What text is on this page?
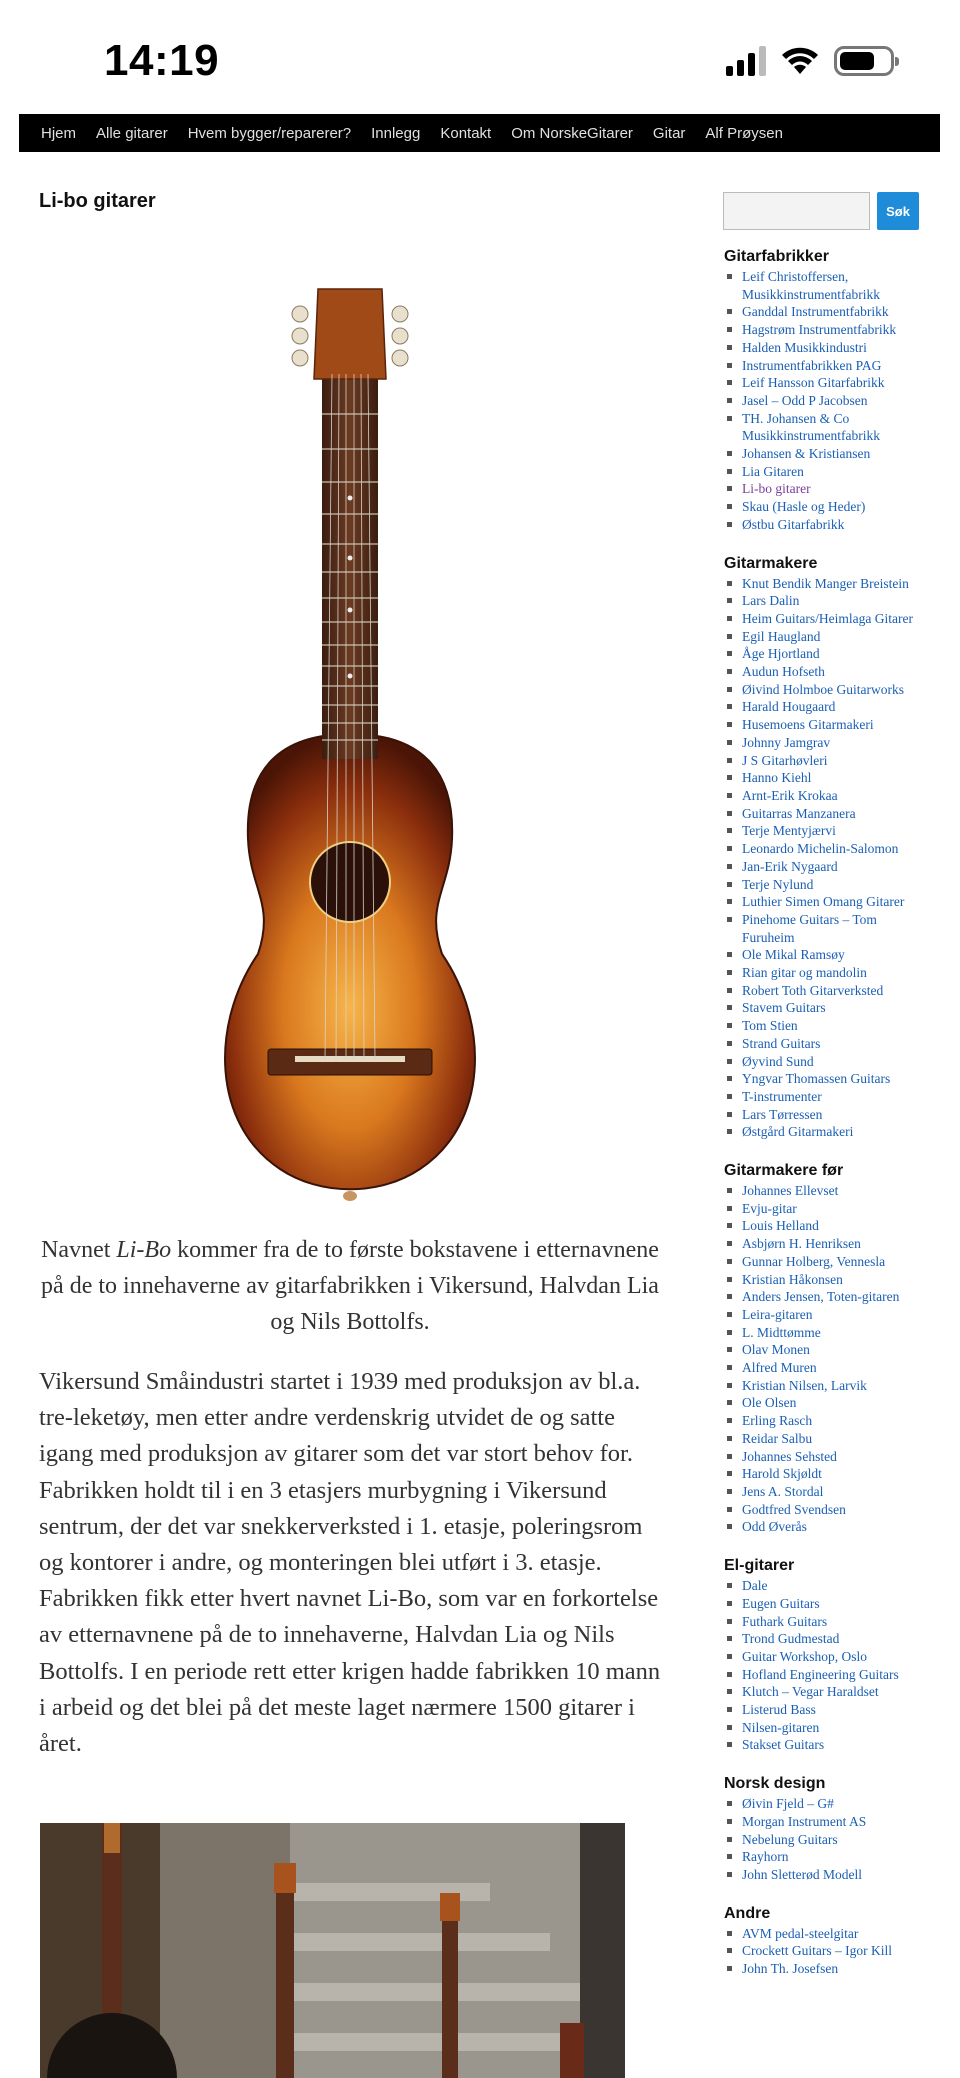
14:19
Hjem Alle gitarer Hvem bygger/reparerer? Innlegg Kontakt Om NorskeGitarer Gitar Alf Prøysen
Li-bo gitarer

Navnet Li-Bo kommer fra de to første bokstavene i etternavnene på de to innehaverne av gitarfabrikken i Vikersund, Halvdan Lia og Nils Bottolfs.

Vikersund Småindustri startet i 1939 med produksjon av bl.a. tre-leketøy, men etter andre verdenskrig utvidet de og satte igang med produksjon av gitarer som det var stort behov for. Fabrikken holdt til i en 3 etasjers murbygning i Vikersund sentrum, der det var snekkerverksted i 1. etasje, poleringsrom og kontorer i andre, og monteringen blei utført i 3. etasje. Fabrikken fikk etter hvert navnet Li-Bo, som var en forkortelse av etternavnene på de to innehaverne, Halvdan Lia og Nils Bottolfs. I en periode rett etter krigen hadde fabrikken 10 mann i arbeid og det blei på det meste laget nærmere 1500 gitarer i året.

Søk
Gitarfabrikker
Leif Christoffersen, Musikkinstrumentfabrikk
Ganddal Instrumentfabrikk
Hagstrøm Instrumentfabrikk
Halden Musikkindustri
Instrumentfabrikken PAG
Leif Hansson Gitarfabrikk
Jasel – Odd P Jacobsen
TH. Johansen & Co Musikkinstrumentfabrikk
Johansen & Kristiansen
Lia Gitaren
Li-bo gitarer
Skau (Hasle og Heder)
Østbu Gitarfabrikk
Gitarmakere
Knut Bendik Manger Breistein
Lars Dalin
Heim Guitars/Heimlaga Gitarer
Egil Haugland
Åge Hjortland
Audun Hofseth
Øivind Holmboe Guitarworks
Harald Hougaard
Husemoens Gitarmakeri
Johnny Jamgrav
J S Gitarhøvleri
Hanno Kiehl
Arnt-Erik Krokaa
Guitarras Manzanera
Terje Mentyjærvi
Leonardo Michelin-Salomon
Jan-Erik Nygaard
Terje Nylund
Luthier Simen Omang Gitarer
Pinehome Guitars – Tom Furuheim
Ole Mikal Ramsøy
Rian gitar og mandolin
Robert Toth Gitarverksted
Stavem Guitars
Tom Stien
Strand Guitars
Øyvind Sund
Yngvar Thomassen Guitars
T-instrumenter
Lars Tørressen
Østgård Gitarmakeri
Gitarmakere før
Johannes Ellevset
Evju-gitar
Louis Helland
Asbjørn H. Henriksen
Gunnar Holberg, Vennesla
Kristian Håkonsen
Anders Jensen, Toten-gitaren
Leira-gitaren
L. Midttømme
Olav Monen
Alfred Muren
Kristian Nilsen, Larvik
Ole Olsen
Erling Rasch
Reidar Salbu
Johannes Sehsted
Harold Skjøldt
Jens A. Stordal
Godtfred Svendsen
Odd Øverås
El-gitarer
Dale
Eugen Guitars
Futhark Guitars
Trond Gudmestad
Guitar Workshop, Oslo
Hofland Engineering Guitars
Klutch – Vegar Haraldset
Listerud Bass
Nilsen-gitaren
Stakset Guitars
Norsk design
Øivin Fjeld – G#
Morgan Instrument AS
Nebelung Guitars
Rayhorn
John Sletterød Modell
Andre
AVM pedal-steelgitar
Crockett Guitars – Igor Kill
John Th. Josefsen
